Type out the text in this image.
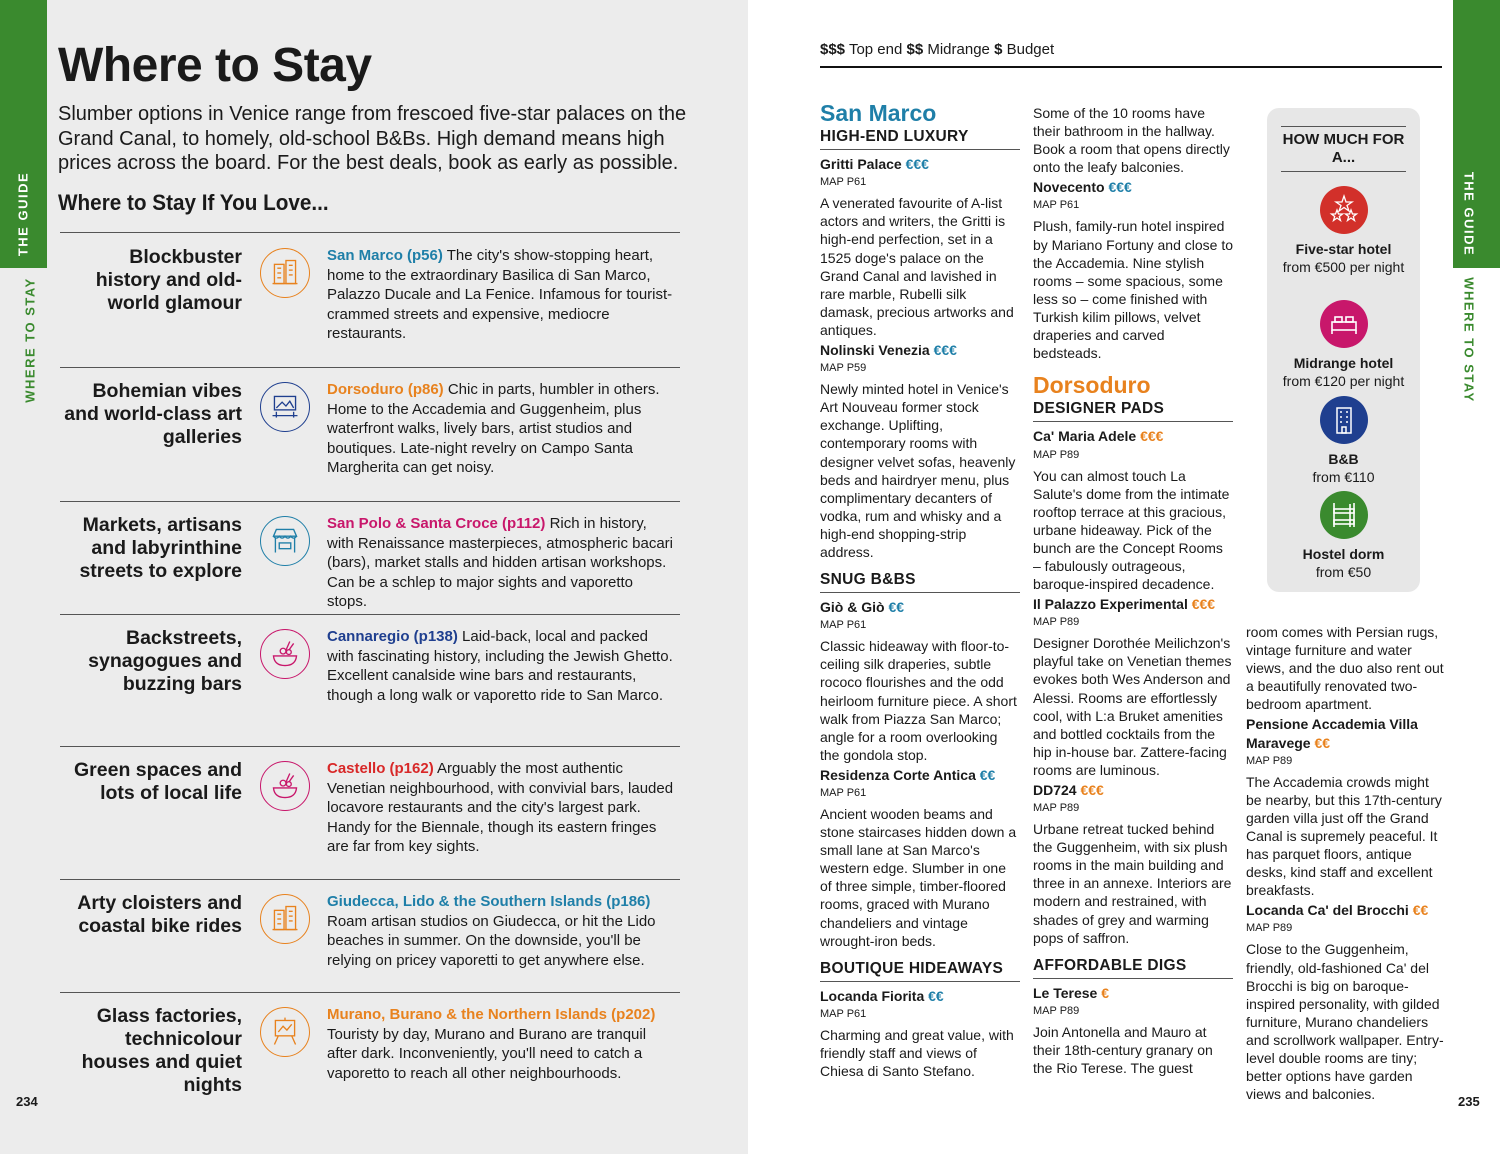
THE GUIDE
WHERE TO STAY
THE GUIDE
WHERE TO STAY
Where to Stay
Slumber options in Venice range from frescoed five-star palaces on the Grand Canal, to homely, old-school B&Bs. High demand means high prices across the board. For the best deals, book as early as possible.
Where to Stay If You Love...
Blockbuster history and old-world glamour
San Marco (p56) The city's show-stopping heart, home to the extraordinary Basilica di San Marco, Palazzo Ducale and La Fenice. Infamous for tourist-crammed streets and expensive, mediocre restaurants.
Bohemian vibes and world-class art galleries
Dorsoduro (p86) Chic in parts, humbler in others. Home to the Accademia and Guggenheim, plus waterfront walks, lively bars, artist studios and boutiques. Late-night revelry on Campo Santa Margherita can get noisy.
Markets, artisans and labyrinthine streets to explore
San Polo & Santa Croce (p112) Rich in history, with Renaissance masterpieces, atmospheric bacari (bars), market stalls and hidden artisan workshops. Can be a schlep to major sights and vaporetto stops.
Backstreets, synagogues and buzzing bars
Cannaregio (p138) Laid-back, local and packed with fascinating history, including the Jewish Ghetto. Excellent canalside wine bars and restaurants, though a long walk or vaporetto ride to San Marco.
Green spaces and lots of local life
Castello (p162) Arguably the most authentic Venetian neighbourhood, with convivial bars, lauded locavore restaurants and the city's largest park. Handy for the Biennale, though its eastern fringes are far from key sights.
Arty cloisters and coastal bike rides
Giudecca, Lido & the Southern Islands (p186)
Roam artisan studios on Giudecca, or hit the Lido beaches in summer. On the downside, you'll be relying on pricey vaporetti to get anywhere else.
Glass factories, technicolour houses and quiet nights
Murano, Burano & the Northern Islands (p202)
Touristy by day, Murano and Burano are tranquil after dark. Inconveniently, you'll need to catch a vaporetto to reach all other neighbourhoods.
234	235
$$$ Top end $$ Midrange $ Budget
San Marco
HIGH-END LUXURY
Gritti Palace €€€
MAP P61
A venerated favourite of A-list actors and writers, the Gritti is high-end perfection, set in a 1525 doge's palace on the Grand Canal and lavished in rare marble, Rubelli silk damask, precious artworks and antiques.
Nolinski Venezia €€€
MAP P59
Newly minted hotel in Venice's Art Nouveau former stock exchange. Uplifting, contemporary rooms with designer velvet sofas, heavenly beds and hairdryer menu, plus complimentary decanters of vodka, rum and whisky and a high-end shopping-strip address.
SNUG B&BS
Giò & Giò €€
MAP P61
Classic hideaway with floor-to-ceiling silk draperies, subtle rococo flourishes and the odd heirloom furniture piece. A short walk from Piazza San Marco; angle for a room overlooking the gondola stop.
Residenza Corte Antica €€
MAP P61
Ancient wooden beams and stone staircases hidden down a small lane at San Marco's western edge. Slumber in one of three simple, timber-floored rooms, graced with Murano chandeliers and vintage wrought-iron beds.
BOUTIQUE HIDEAWAYS
Locanda Fiorita €€
MAP P61
Charming and great value, with friendly staff and views of Chiesa di Santo Stefano.
Some of the 10 rooms have their bathroom in the hallway. Book a room that opens directly onto the leafy balconies.
Novecento €€€
MAP P61
Plush, family-run hotel inspired by Mariano Fortuny and close to the Accademia. Nine stylish rooms – some spacious, some less so – come finished with Turkish kilim pillows, velvet draperies and carved bedsteads.
Dorsoduro
DESIGNER PADS
Ca' Maria Adele €€€
MAP P89
You can almost touch La Salute's dome from the intimate rooftop terrace at this gracious, urbane hideaway. Pick of the bunch are the Concept Rooms – fabulously outrageous, baroque-inspired decadence.
Il Palazzo Experimental €€€
MAP P89
Designer Dorothée Meilichzon's playful take on Venetian themes evokes both Wes Anderson and Alessi. Rooms are effortlessly cool, with L:a Bruket amenities and bottled cocktails from the hip in-house bar. Zattere-facing rooms are luminous.
DD724 €€€
MAP P89
Urbane retreat tucked behind the Guggenheim, with six plush rooms in the main building and three in an annexe. Interiors are modern and restrained, with shades of grey and warming pops of saffron.
AFFORDABLE DIGS
Le Terese €
MAP P89
Join Antonella and Mauro at their 18th-century granary on the Rio Terese. The guest
room comes with Persian rugs, vintage furniture and water views, and the duo also rent out a beautifully renovated two-bedroom apartment.
Pensione Accademia Villa Maravege €€
MAP P89
The Accademia crowds might be nearby, but this 17th-century garden villa just off the Grand Canal is supremely peaceful. It has parquet floors, antique desks, kind staff and excellent breakfasts.
Locanda Ca' del Brocchi €€
MAP P89
Close to the Guggenheim, friendly, old-fashioned Ca' del Brocchi is big on baroque-inspired personality, with gilded furniture, Murano chandeliers and scrollwork wallpaper. Entry-level double rooms are tiny; better options have garden views and balconies.
HOW MUCH FOR A...
Five-star hotel
from €500 per night
Midrange hotel
from €120 per night
B&B
from €110
Hostel dorm
from €50
